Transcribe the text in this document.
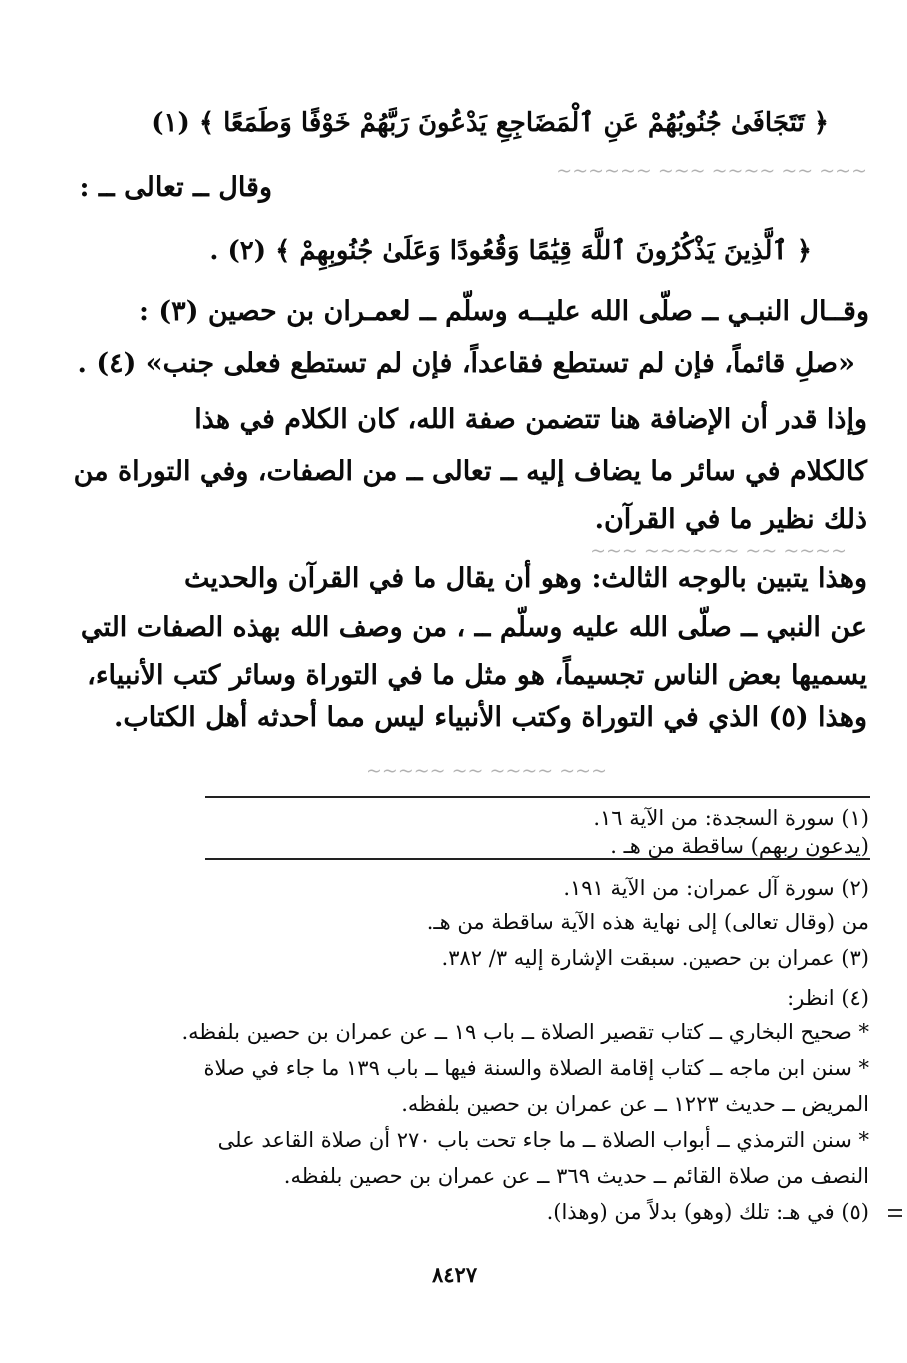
~~~ ~~ ~~~~ ~~~ ~~~~~~
~~~~ ~~ ~~~~~~ ~~~
~~~ ~~~~ ~~ ~~~~~
﴿ تَتَجَافَىٰ جُنُوبُهُمْ عَنِ ٱلْمَضَاجِعِ يَدْعُونَ رَبَّهُمْ خَوْفًا وَطَمَعًا ﴾ (١)
وقال ــ تعالى ــ :
﴿ ٱلَّذِينَ يَذْكُرُونَ ٱللَّهَ قِيَٰمًا وَقُعُودًا وَعَلَىٰ جُنُوبِهِمْ ﴾ (٢) .
وقــال النبـي ــ صلّى الله عليــه وسلّم ــ لعمـران بن حصين (٣) :
«صلِ قائماً، فإن لم تستطع فقاعداً، فإن لم تستطع فعلى جنب» (٤) .
وإذا قدر أن الإضافة هنا تتضمن صفة الله، كان الكلام في هذا
كالكلام في سائر ما يضاف إليه ــ تعالى ــ من الصفات، وفي التوراة من
ذلك نظير ما في القرآن.
وهذا يتبين بالوجه الثالث: وهو أن يقال ما في القرآن والحديث
عن النبي ــ صلّى الله عليه وسلّم ــ ، من وصف الله بهذه الصفات التي
يسميها بعض الناس تجسيماً، هو مثل ما في التوراة وسائر كتب الأنبياء،
وهذا (٥) الذي في التوراة وكتب الأنبياء ليس مما أحدثه أهل الكتاب.
(١) سورة السجدة: من الآية ١٦.
(يدعون ربهم) ساقطة من هـ .
(٢) سورة آل عمران: من الآية ١٩١.
من (وقال تعالى) إلى نهاية هذه الآية ساقطة من هـ.
(٣) عمران بن حصين. سبقت الإشارة إليه ٣/ ٣٨٢.
(٤) انظر:
* صحيح البخاري ــ كتاب تقصير الصلاة ــ باب ١٩ ــ عن عمران بن حصين بلفظه.
* سنن ابن ماجه ــ كتاب إقامة الصلاة والسنة فيها ــ باب ١٣٩ ما جاء في صلاة
المريض ــ حديث ١٢٢٣ ــ عن عمران بن حصين بلفظه.
* سنن الترمذي ــ أبواب الصلاة ــ ما جاء تحت باب ٢٧٠ أن صلاة القاعد على
النصف من صلاة القائم ــ حديث ٣٦٩ ــ عن عمران بن حصين بلفظه.
(٥) في هـ: تلك (وهو) بدلاً من (وهذا).
٨٤٢٧
